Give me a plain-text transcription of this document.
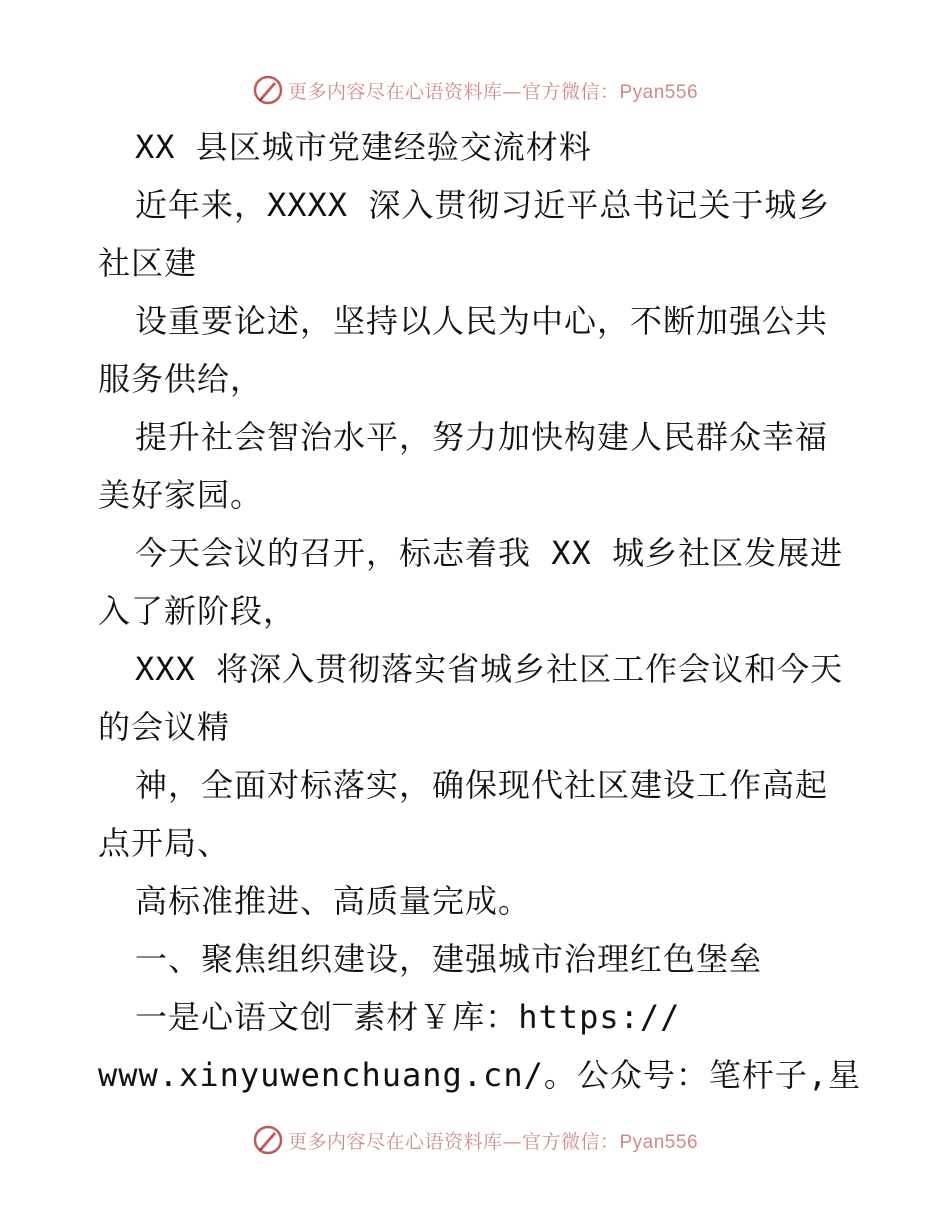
更多内容尽在心语资料库—官方微信：Pyan556
XX 县区城市党建经验交流材料
近年来，XXXX 深入贯彻习近平总书记关于城乡
社区建
设重要论述，坚持以人民为中心，不断加强公共
服务供给，
提升社会智治水平，努力加快构建人民群众幸福
美好家园。
今天会议的召开，标志着我 XX 城乡社区发展进
入了新阶段，
XXX 将深入贯彻落实省城乡社区工作会议和今天
的会议精
神，全面对标落实，确保现代社区建设工作高起
点开局、
高标准推进、高质量完成。
一、聚焦组织建设，建强城市治理红色堡垒
一是心语文创‾素材￥库：https://
www.xinyuwenchuang.cn/。公众号：笔杆子,星
更多内容尽在心语资料库—官方微信：Pyan556
